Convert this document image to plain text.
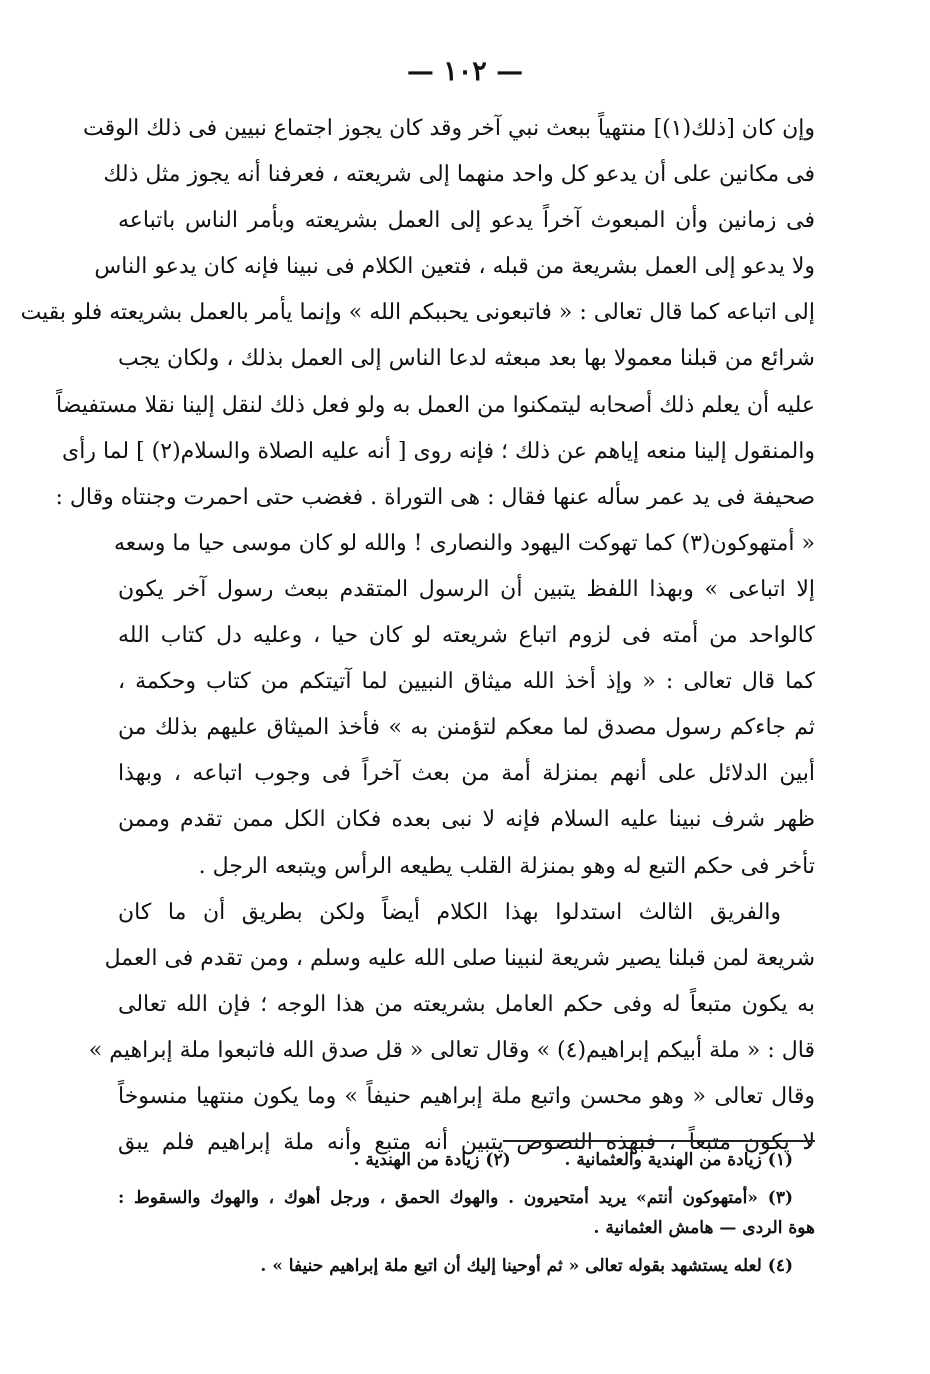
— ١٠٢ —
وإن كان [ذلك(١)] منتهياً ببعث نبي آخر وقد كان يجوز اجتماع نبيين فى ذلك الوقت
فى مكانين على أن يدعو كل واحد منهما إلى شريعته ، فعرفنا أنه يجوز مثل ذلك
فى زمانين وأن المبعوث آخراً يدعو إلى العمل بشريعته وبأمر الناس باتباعه
ولا يدعو إلى العمل بشريعة من قبله ، فتعين الكلام فى نبينا فإنه كان يدعو الناس
إلى اتباعه كما قال تعالى : « فاتبعونى يحببكم الله » وإنما يأمر بالعمل بشريعته فلو بقيت
شرائع من قبلنا معمولا بها بعد مبعثه لدعا الناس إلى العمل بذلك ، ولكان يجب
عليه أن يعلم ذلك أصحابه ليتمكنوا من العمل به ولو فعل ذلك لنقل إلينا نقلا مستفيضاً
والمنقول إلينا منعه إياهم عن ذلك ؛ فإنه روى [ أنه عليه الصلاة والسلام(٢) ] لما رأى
صحيفة فى يد عمر سأله عنها فقال : هى التوراة . فغضب حتى احمرت وجنتاه وقال :
« أمتهوكون(٣) كما تهوكت اليهود والنصارى ! والله لو كان موسى حيا ما وسعه
إلا اتباعى » وبهذا اللفظ يتبين أن الرسول المتقدم ببعث رسول آخر يكون
كالواحد من أمته فى لزوم اتباع شريعته لو كان حيا ، وعليه دل كتاب الله
كما قال تعالى : « وإذ أخذ الله ميثاق النبيين لما آتيتكم من كتاب وحكمة ،
ثم جاءكم رسول مصدق لما معكم لتؤمنن به » فأخذ الميثاق عليهم بذلك من
أبين الدلائل على أنهم بمنزلة أمة من بعث آخراً فى وجوب اتباعه ، وبهذا
ظهر شرف نبينا عليه السلام فإنه لا نبى بعده فكان الكل ممن تقدم وممن
تأخر فى حكم التبع له وهو بمنزلة القلب يطيعه الرأس ويتبعه الرجل .
والفريق الثالث استدلوا بهذا الكلام أيضاً ولكن بطريق أن ما كان
شريعة لمن قبلنا يصير شريعة لنبينا صلى الله عليه وسلم ، ومن تقدم فى العمل
به يكون متبعاً له وفى حكم العامل بشريعته من هذا الوجه ؛ فإن الله تعالى
قال : « ملة أبيكم إبراهيم(٤) » وقال تعالى « قل صدق الله فاتبعوا ملة إبراهيم »
وقال تعالى « وهو محسن واتبع ملة إبراهيم حنيفاً » وما يكون منتهيا منسوخاً
لا يكون متبعاً ، فبهذه النصوص يتبين أنه متبع وأنه ملة إبراهيم فلم يبق
(١) زيادة من الهندية والعثمانية . (٢) زيادة من الهندية .
(٣) «أمتهوكون أنتم» يريد أمتحيرون . والهوك الحمق ، ورجل أهوك ، والهوك والسقوط :
هوة الردى — هامش العثمانية .
(٤) لعله يستشهد بقوله تعالى « ثم أوحينا إليك أن اتبع ملة إبراهيم حنيفا » .
